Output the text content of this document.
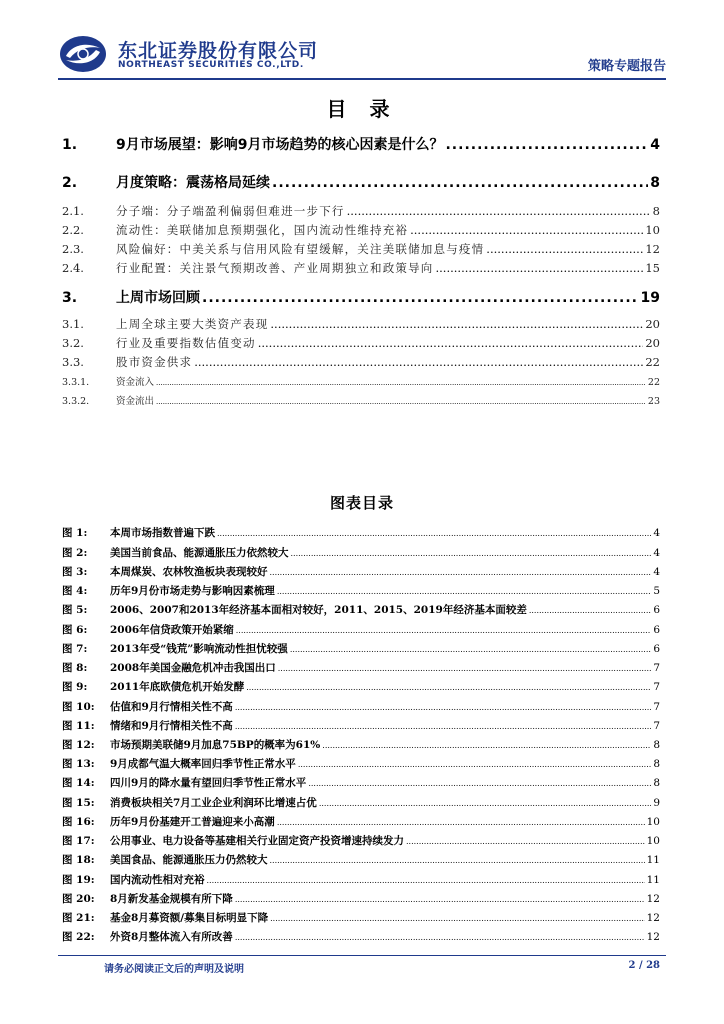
东北证券股份有限公司
NORTHEAST SECURITIES CO.,LTD.	策略专题报告
目 录
1.	9月市场展望：影响9月市场趋势的核心因素是什么？ .....	4
2.	月度策略：震荡格局延续 .....	8
2.1.	分子端：分子端盈利偏弱但难进一步下行 .....	8
2.2.	流动性：美联储加息预期强化，国内流动性维持充裕 .....	10
2.3.	风险偏好：中美关系与信用风险有望缓解，关注美联储加息与疫情 .....	12
2.4.	行业配置：关注景气预期改善、产业周期独立和政策导向 .....	15
3.	上周市场回顾 .....	19
3.1.	上周全球主要大类资产表现 .....	20
3.2.	行业及重要指数估值变动 .....	20
3.3.	股市资金供求 .....	22
3.3.1.	资金流入 .....	22
3.3.2.	资金流出 .....	23
图表目录
图 1:	本周市场指数普遍下跌 .....	4
图 2:	美国当前食品、能源通胀压力依然较大 .....	4
图 3:	本周煤炭、农林牧渔板块表现较好 .....	4
图 4:	历年9月份市场走势与影响因素梳理 .....	5
图 5:	2006、2007和2013年经济基本面相对较好，2011、2015、2019年经济基本面较差 .....	6
图 6:	2006年信贷政策开始紧缩 .....	6
图 7:	2013年受“钱荒”影响流动性担忧较强 .....	6
图 8:	2008年美国金融危机冲击我国出口 .....	7
图 9:	2011年底欧债危机开始发酵 .....	7
图 10:	估值和9月行情相关性不高 .....	7
图 11:	情绪和9月行情相关性不高 .....	7
图 12:	市场预期美联储9月加息75BP的概率为61% .....	8
图 13:	9月成都气温大概率回归季节性正常水平 .....	8
图 14:	四川9月的降水量有望回归季节性正常水平 .....	8
图 15:	消费板块相关7月工业企业利润环比增速占优 .....	9
图 16:	历年9月份基建开工普遍迎来小高潮 .....	10
图 17:	公用事业、电力设备等基建相关行业固定资产投资增速持续发力 .....	10
图 18:	美国食品、能源通胀压力仍然较大 .....	11
图 19:	国内流动性相对充裕 .....	11
图 20:	8月新发基金规模有所下降 .....	12
图 21:	基金8月募资额/募集目标明显下降 .....	12
图 22:	外资8月整体流入有所改善 .....	12
请务必阅读正文后的声明及说明	2 / 28
